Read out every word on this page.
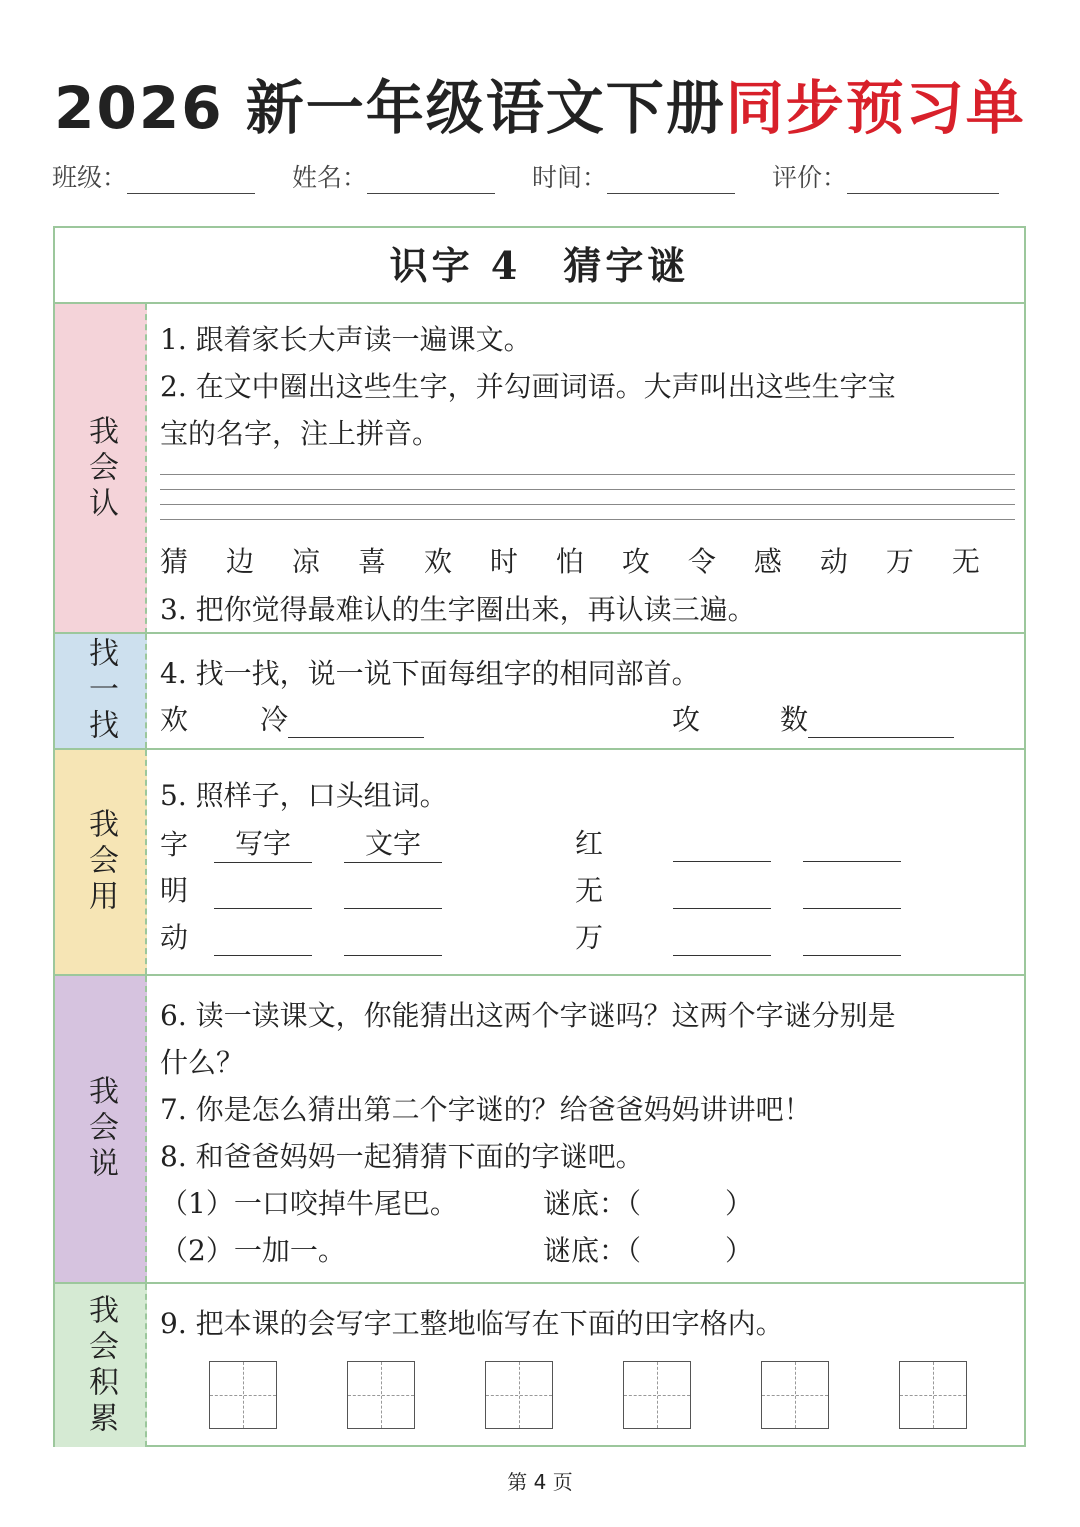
2026 新一年级语文下册同步预习单
班级：	姓名：	时间：	评价：
识字 4　猜字谜
我会认
1. 跟着家长大声读一遍课文。
2. 在文中圈出这些生字，并勾画词语。大声叫出这些生字宝
宝的名字，注上拼音。
猜 边 凉 喜 欢 时 怕 攻 令 感 动 万 无
3. 把你觉得最难认的生字圈出来，再认读三遍。
找一找 4. 找一找，说一说下面每组字的相同部首。
欢	冷	攻	数
我会用
5. 照样子，口头组词。
字 写字	文字	红
明	无
动	万
我会说
6. 读一读课文，你能猜出这两个字谜吗？这两个字谜分别是
什么？
7. 你是怎么猜出第二个字谜的？给爸爸妈妈讲讲吧！
8. 和爸爸妈妈一起猜猜下面的字谜吧。
（1）一口咬掉牛尾巴。	谜底：（　　　）
（2）一加一。	谜底：（　　　）
我会积累 9. 把本课的会写字工整地临写在下面的田字格内。
第 4 页
